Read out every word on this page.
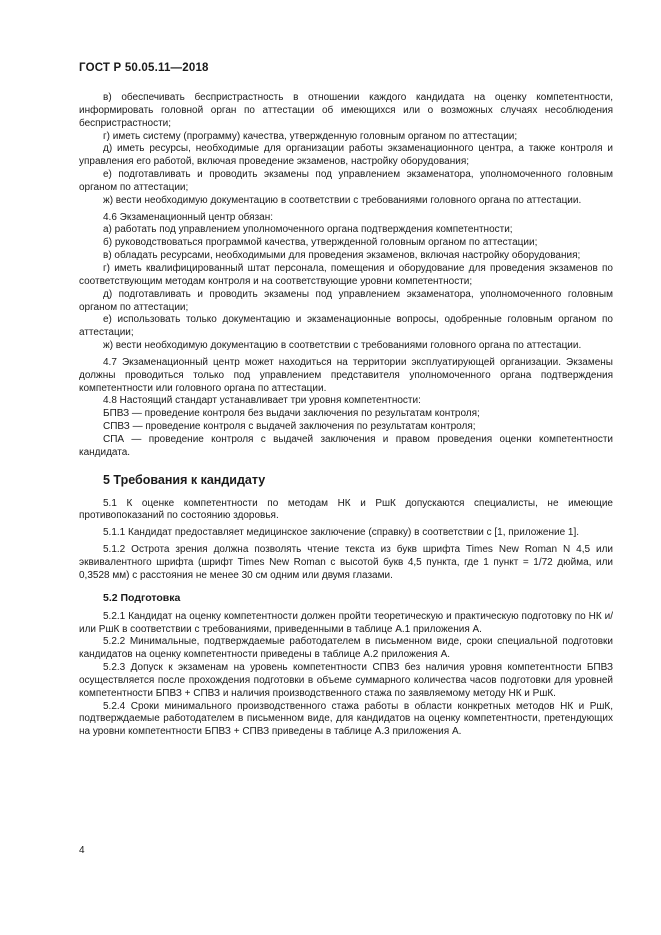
ГОСТ Р 50.05.11—2018

в) обеспечивать беспристрастность в отношении каждого кандидата на оценку компетентности, информировать головной орган по аттестации об имеющихся или о возможных случаях несоблюдения беспристрастности;

г) иметь систему (программу) качества, утвержденную головным органом по аттестации;

д) иметь ресурсы, необходимые для организации работы экзаменационного центра, а также контроля и управления его работой, включая проведение экзаменов, настройку оборудования;

е) подготавливать и проводить экзамены под управлением экзаменатора, уполномоченного головным органом по аттестации;

ж) вести необходимую документацию в соответствии с требованиями головного органа по аттестации.

4.6 Экзаменационный центр обязан:

а) работать под управлением уполномоченного органа подтверждения компетентности;

б) руководствоваться программой качества, утвержденной головным органом по аттестации;

в) обладать ресурсами, необходимыми для проведения экзаменов, включая настройку оборудования;

г) иметь квалифицированный штат персонала, помещения и оборудование для проведения экзаменов по соответствующим методам контроля и на соответствующие уровни компетентности;

д) подготавливать и проводить экзамены под управлением экзаменатора, уполномоченного головным органом по аттестации;

е) использовать только документацию и экзаменационные вопросы, одобренные головным органом по аттестации;

ж) вести необходимую документацию в соответствии с требованиями головного органа по аттестации.

4.7 Экзаменационный центр может находиться на территории эксплуатирующей организации. Экзамены должны проводиться только под управлением представителя уполномоченного органа подтверждения компетентности или головного органа по аттестации.

4.8 Настоящий стандарт устанавливает три уровня компетентности:

БПВЗ — проведение контроля без выдачи заключения по результатам контроля;

СПВЗ — проведение контроля с выдачей заключения по результатам контроля;

СПА — проведение контроля с выдачей заключения и правом проведения оценки компетентности кандидата.

5 Требования к кандидату

5.1 К оценке компетентности по методам НК и РшК допускаются специалисты, не имеющие противопоказаний по состоянию здоровья.

5.1.1 Кандидат предоставляет медицинское заключение (справку) в соответствии с [1, приложение 1].

5.1.2 Острота зрения должна позволять чтение текста из букв шрифта Times New Roman N 4,5 или эквивалентного шрифта (шрифт Times New Roman с высотой букв 4,5 пункта, где 1 пункт = 1/72 дюйма, или 0,3528 мм) с расстояния не менее 30 см одним или двумя глазами.

5.2 Подготовка

5.2.1 Кандидат на оценку компетентности должен пройти теоретическую и практическую подготовку по НК и/или РшК в соответствии с требованиями, приведенными в таблице А.1 приложения А.

5.2.2 Минимальные, подтверждаемые работодателем в письменном виде, сроки специальной подготовки кандидатов на оценку компетентности приведены в таблице А.2 приложения А.

5.2.3 Допуск к экзаменам на уровень компетентности СПВЗ без наличия уровня компетентности БПВЗ осуществляется после прохождения подготовки в объеме суммарного количества часов подготовки для уровней компетентности БПВЗ + СПВЗ и наличия производственного стажа по заявляемому методу НК и РшК.

5.2.4 Сроки минимального производственного стажа работы в области конкретных методов НК и РшК, подтверждаемые работодателем в письменном виде, для кандидатов на оценку компетентности, претендующих на уровни компетентности БПВЗ + СПВЗ приведены в таблице А.3 приложения А.

4
